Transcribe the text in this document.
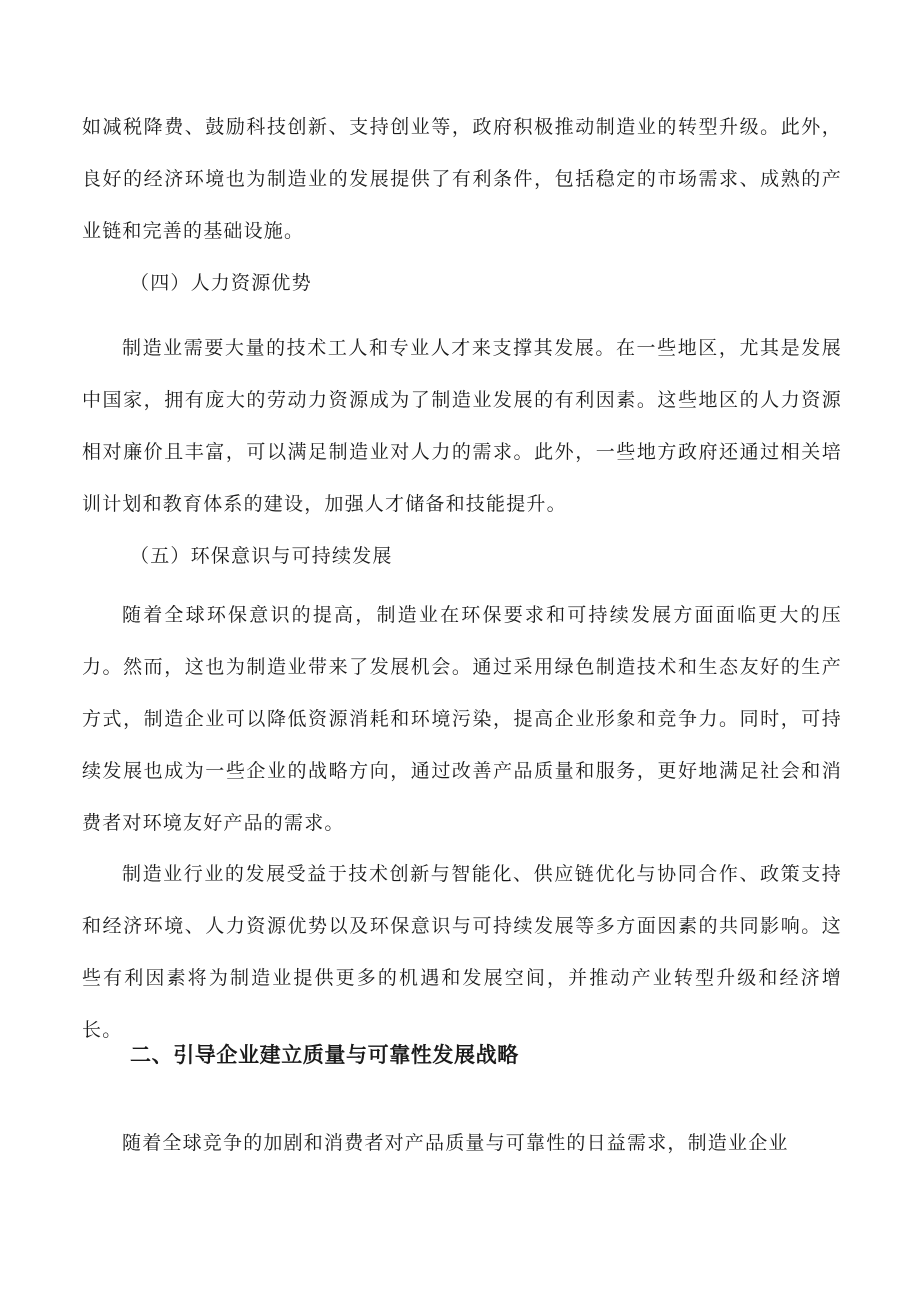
如减税降费、鼓励科技创新、支持创业等，政府积极推动制造业的转型升级。此外，良好的经济环境也为制造业的发展提供了有利条件，包括稳定的市场需求、成熟的产业链和完善的基础设施。

（四）人力资源优势

制造业需要大量的技术工人和专业人才来支撑其发展。在一些地区，尤其是发展中国家，拥有庞大的劳动力资源成为了制造业发展的有利因素。这些地区的人力资源相对廉价且丰富，可以满足制造业对人力的需求。此外，一些地方政府还通过相关培训计划和教育体系的建设，加强人才储备和技能提升。

（五）环保意识与可持续发展

随着全球环保意识的提高，制造业在环保要求和可持续发展方面面临更大的压力。然而，这也为制造业带来了发展机会。通过采用绿色制造技术和生态友好的生产方式，制造企业可以降低资源消耗和环境污染，提高企业形象和竞争力。同时，可持续发展也成为一些企业的战略方向，通过改善产品质量和服务，更好地满足社会和消费者对环境友好产品的需求。

制造业行业的发展受益于技术创新与智能化、供应链优化与协同合作、政策支持和经济环境、人力资源优势以及环保意识与可持续发展等多方面因素的共同影响。这些有利因素将为制造业提供更多的机遇和发展空间，并推动产业转型升级和经济增长。

二、引导企业建立质量与可靠性发展战略

随着全球竞争的加剧和消费者对产品质量与可靠性的日益需求，制造业企业
